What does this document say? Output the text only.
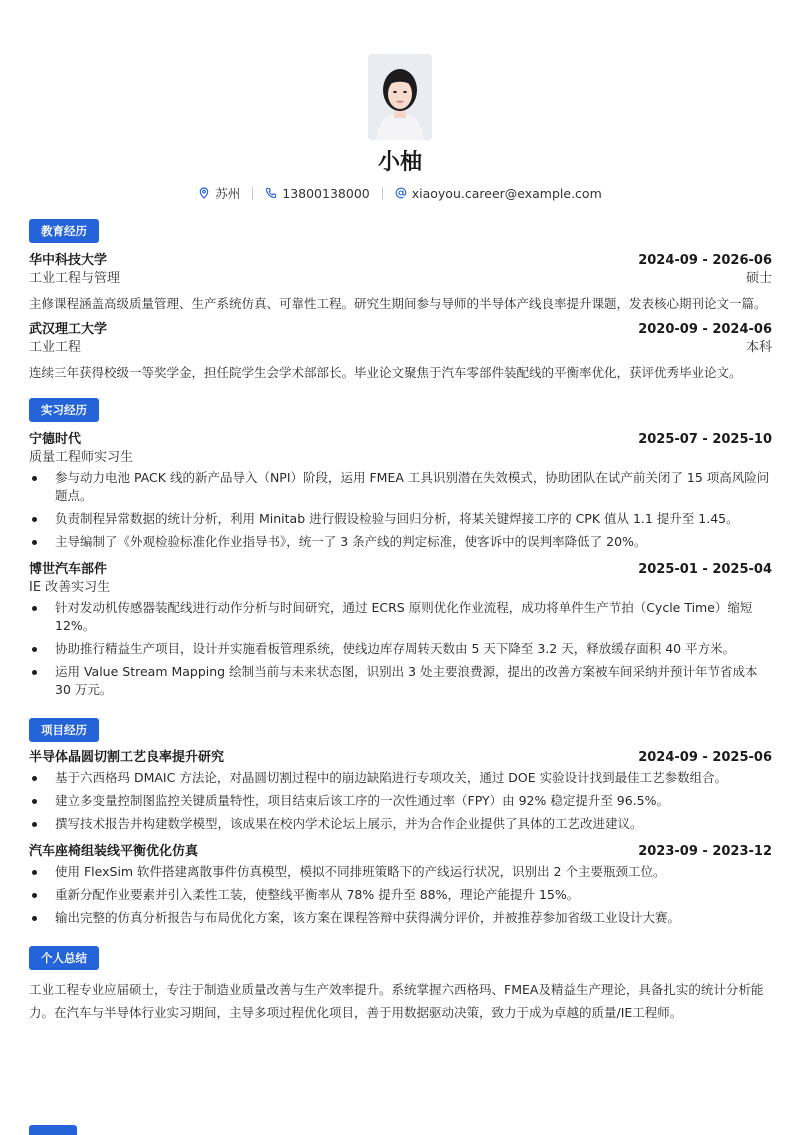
小柚
苏州	13800138000	xiaoyou.career@example.com
教育经历
华中科技大学	2024-09 - 2026-06
工业工程与管理	硕士
主修课程涵盖高级质量管理、生产系统仿真、可靠性工程。研究生期间参与导师的半导体产线良率提升课题，发表核心期刊论文一篇。
武汉理工大学	2020-09 - 2024-06
工业工程	本科
连续三年获得校级一等奖学金，担任院学生会学术部部长。毕业论文聚焦于汽车零部件装配线的平衡率优化，获评优秀毕业论文。
实习经历
宁德时代	2025-07 - 2025-10
质量工程师实习生
参与动力电池 PACK 线的新产品导入（NPI）阶段，运用 FMEA 工具识别潜在失效模式，协助团队在试产前关闭了 15 项高风险问题点。
负责制程异常数据的统计分析，利用 Minitab 进行假设检验与回归分析，将某关键焊接工序的 CPK 值从 1.1 提升至 1.45。
主导编制了《外观检验标准化作业指导书》，统一了 3 条产线的判定标准，使客诉中的误判率降低了 20%。
博世汽车部件	2025-01 - 2025-04
IE 改善实习生
针对发动机传感器装配线进行动作分析与时间研究，通过 ECRS 原则优化作业流程，成功将单件生产节拍（Cycle Time）缩短 12%。
协助推行精益生产项目，设计并实施看板管理系统，使线边库存周转天数由 5 天下降至 3.2 天，释放缓存面积 40 平方米。
运用 Value Stream Mapping 绘制当前与未来状态图，识别出 3 处主要浪费源，提出的改善方案被车间采纳并预计年节省成本 30 万元。
项目经历
半导体晶圆切割工艺良率提升研究	2024-09 - 2025-06
基于六西格玛 DMAIC 方法论，对晶圆切割过程中的崩边缺陷进行专项攻关，通过 DOE 实验设计找到最佳工艺参数组合。
建立多变量控制图监控关键质量特性，项目结束后该工序的一次性通过率（FPY）由 92% 稳定提升至 96.5%。
撰写技术报告并构建数学模型，该成果在校内学术论坛上展示，并为合作企业提供了具体的工艺改进建议。
汽车座椅组装线平衡优化仿真	2023-09 - 2023-12
使用 FlexSim 软件搭建离散事件仿真模型，模拟不同排班策略下的产线运行状况，识别出 2 个主要瓶颈工位。
重新分配作业要素并引入柔性工装，使整线平衡率从 78% 提升至 88%，理论产能提升 15%。
输出完整的仿真分析报告与布局优化方案，该方案在课程答辩中获得满分评价，并被推荐参加省级工业设计大赛。
个人总结
工业工程专业应届硕士，专注于制造业质量改善与生产效率提升。系统掌握六西格玛、FMEA及精益生产理论，具备扎实的统计分析能力。在汽车与半导体行业实习期间，主导多项过程优化项目，善于用数据驱动决策，致力于成为卓越的质量/IE工程师。
